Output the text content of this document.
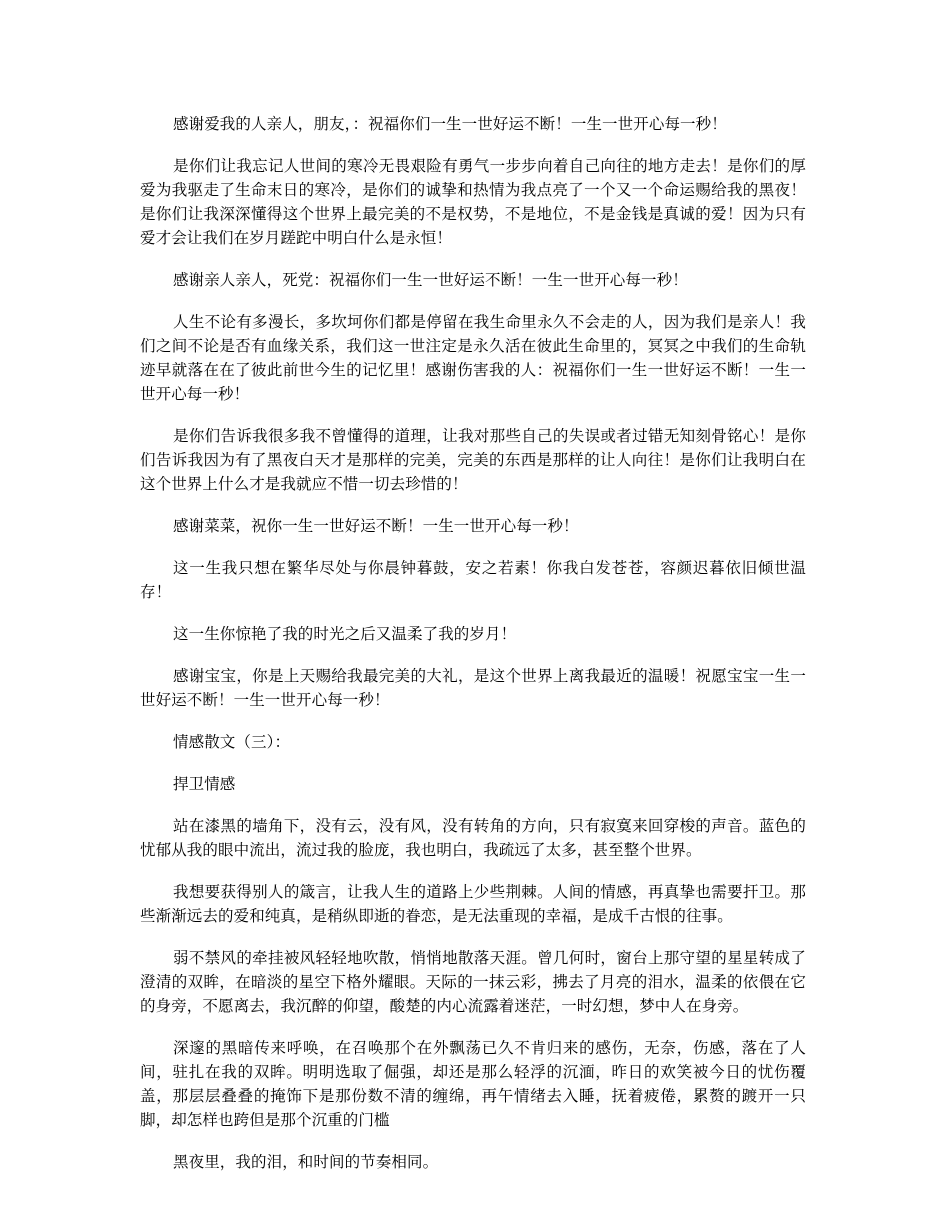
感谢爱我的人亲人，朋友，：祝福你们一生一世好运不断！一生一世开心每一秒！

是你们让我忘记人世间的寒冷无畏艰险有勇气一步步向着自己向往的地方走去！是你们的厚爱为我驱走了生命末日的寒冷，是你们的诚挚和热情为我点亮了一个又一个命运赐给我的黑夜！是你们让我深深懂得这个世界上最完美的不是权势，不是地位，不是金钱是真诚的爱！因为只有爱才会让我们在岁月蹉跎中明白什么是永恒！

感谢亲人亲人，死党：祝福你们一生一世好运不断！一生一世开心每一秒！

人生不论有多漫长，多坎坷你们都是停留在我生命里永久不会走的人，因为我们是亲人！我们之间不论是否有血缘关系，我们这一世注定是永久活在彼此生命里的，冥冥之中我们的生命轨迹早就落在在了彼此前世今生的记忆里！感谢伤害我的人：祝福你们一生一世好运不断！一生一世开心每一秒！

是你们告诉我很多我不曾懂得的道理，让我对那些自己的失误或者过错无知刻骨铭心！是你们告诉我因为有了黑夜白天才是那样的完美，完美的东西是那样的让人向往！是你们让我明白在这个世界上什么才是我就应不惜一切去珍惜的！

感谢菜菜，祝你一生一世好运不断！一生一世开心每一秒！

这一生我只想在繁华尽处与你晨钟暮鼓，安之若素！你我白发苍苍，容颜迟暮依旧倾世温存！

这一生你惊艳了我的时光之后又温柔了我的岁月！

感谢宝宝，你是上天赐给我最完美的大礼，是这个世界上离我最近的温暖！祝愿宝宝一生一世好运不断！一生一世开心每一秒！

情感散文（三）：

捍卫情感

站在漆黑的墙角下，没有云，没有风，没有转角的方向，只有寂寞来回穿梭的声音。蓝色的忧郁从我的眼中流出，流过我的脸庞，我也明白，我疏远了太多，甚至整个世界。

我想要获得别人的箴言，让我人生的道路上少些荆棘。人间的情感，再真挚也需要扞卫。那些渐渐远去的爱和纯真，是稍纵即逝的眷恋，是无法重现的幸福，是成千古恨的往事。

弱不禁风的牵挂被风轻轻地吹散，悄悄地散落天涯。曾几何时，窗台上那守望的星星转成了澄清的双眸，在暗淡的星空下格外耀眼。天际的一抹云彩，拂去了月亮的泪水，温柔的依偎在它的身旁，不愿离去，我沉醉的仰望，酸楚的内心流露着迷茫，一时幻想，梦中人在身旁。

深邃的黑暗传来呼唤，在召唤那个在外飘荡已久不肯归来的感伤，无奈，伤感，落在了人间，驻扎在我的双眸。明明选取了倔强，却还是那么轻浮的沉湎，昨日的欢笑被今日的忧伤覆盖，那层层叠叠的掩饰下是那份数不清的缠绵，再午情绪去入睡，抚着疲倦，累赘的踱开一只脚，却怎样也跨但是那个沉重的门槛

黑夜里，我的泪，和时间的节奏相同。
